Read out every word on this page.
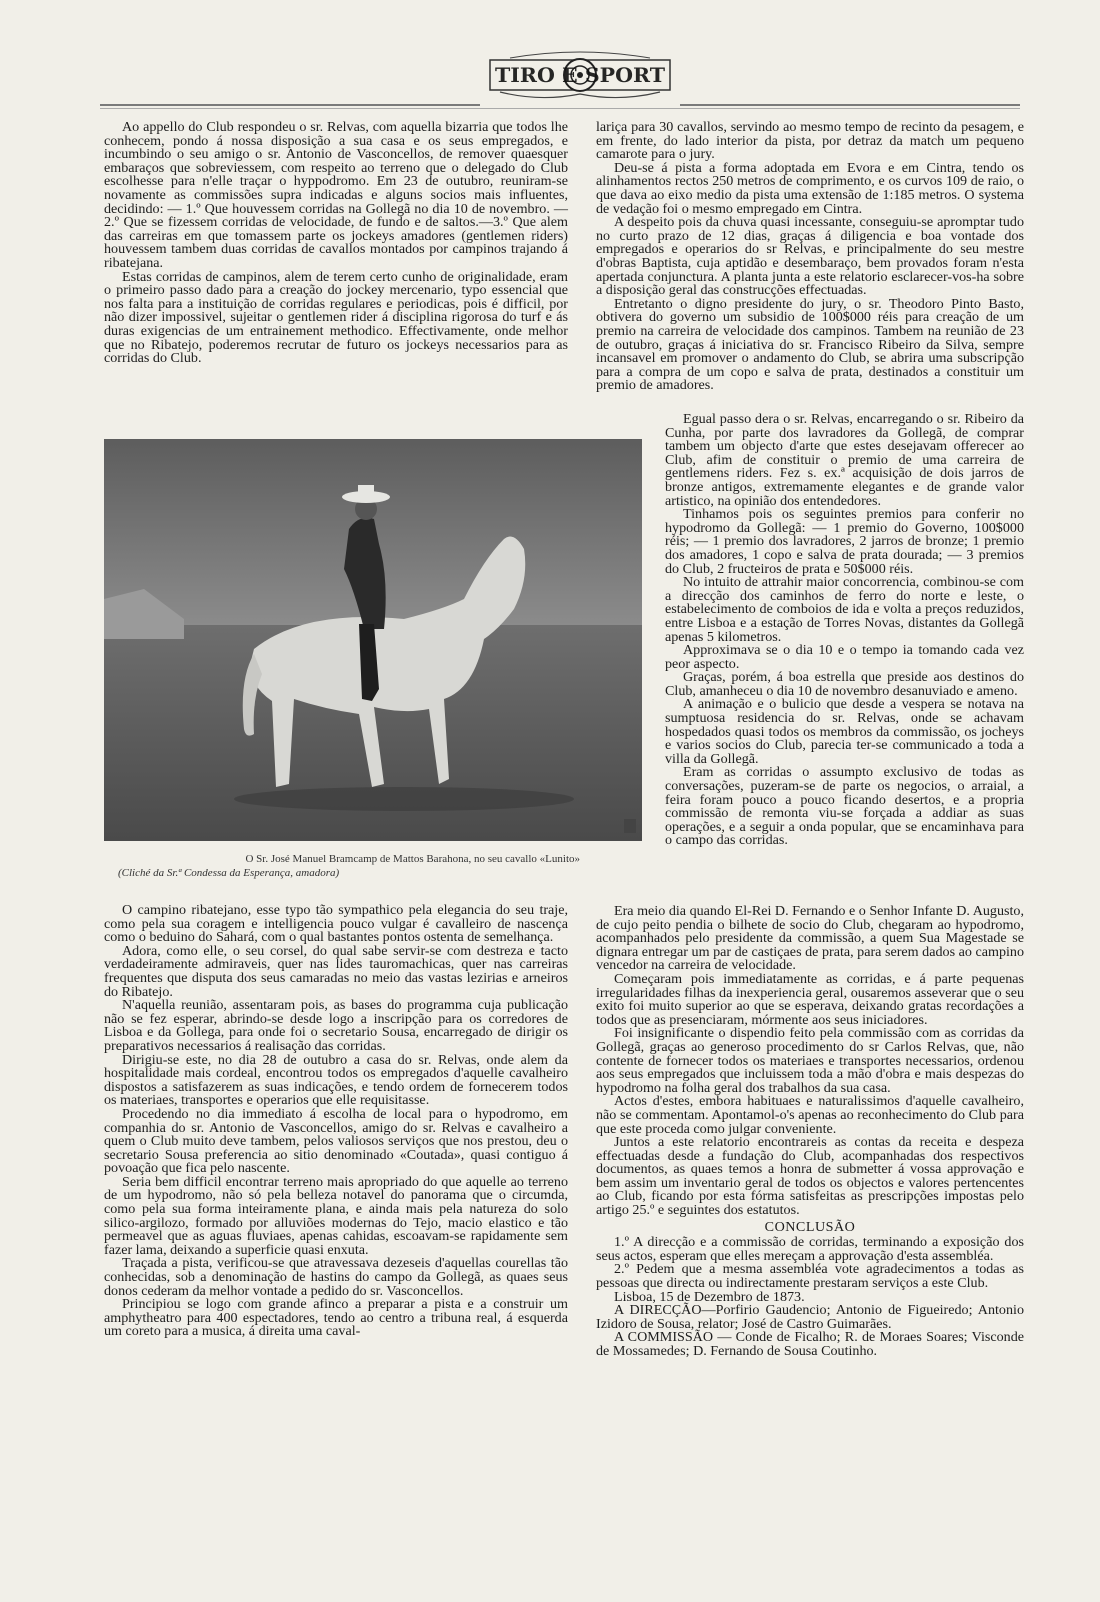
TIRO E SPORT

Ao appello do Club respondeu o sr. Relvas, com aquella bizarria que todos lhe conhecem, pondo á nossa disposição a sua casa e os seus empregados, e incumbindo o seu amigo o sr. Antonio de Vasconcellos, de remover quaesquer embaraços que sobreviessem, com respeito ao terreno que o delegado do Club escolhesse para n'elle traçar o hyppodromo. Em 23 de outubro, reuniram-se novamente as commissões supra indicadas e alguns socios mais influentes, decidindo: — 1.º Que houvessem corridas na Gollegã no dia 10 de novembro. — 2.º Que se fizessem corridas de velocidade, de fundo e de saltos.—3.º Que alem das carreiras em que tomassem parte os jockeys amadores (gentlemen riders) houvessem tambem duas corridas de cavallos montados por campinos trajando á ribatejana.

Estas corridas de campinos, alem de terem certo cunho de originalidade, eram o primeiro passo dado para a creação do jockey mercenario, typo essencial que nos falta para a instituição de corridas regulares e periodicas, pois é difficil, por não dizer impossivel, sujeitar o gentlemen rider á disciplina rigorosa do turf e ás duras exigencias de um entrainement methodico. Effectivamente, onde melhor que no Ribatejo, poderemos recrutar de futuro os jockeys necessarios para as corridas do Club.

O Sr. José Manuel Bramcamp de Mattos Barahona, no seu cavallo «Lunito»
(Cliché da Sr.ª Condessa da Esperança, amadora)

O campino ribatejano, esse typo tão sympathico pela elegancia do seu traje, como pela sua coragem e intelligencia pouco vulgar é cavalleiro de nascença como o beduino do Sahará, com o qual bastantes pontos ostenta de semelhança.

Adora, como elle, o seu corsel, do qual sabe servir-se com destreza e tacto verdadeiramente admiraveis, quer nas lides tauromachicas, quer nas carreiras frequentes que disputa dos seus camaradas no meio das vastas lezirias e arneiros do Ribatejo.

N'aquella reunião, assentaram pois, as bases do programma cuja publicação não se fez esperar, abrindo-se desde logo a inscripção para os corredores de Lisboa e da Gollega, para onde foi o secretario Sousa, encarregado de dirigir os preparativos necessarios á realisação das corridas.

Dirigiu-se este, no dia 28 de outubro a casa do sr. Relvas, onde alem da hospitalidade mais cordeal, encontrou todos os empregados d'aquelle cavalheiro dispostos a satisfazerem as suas indicações, e tendo ordem de fornecerem todos os materiaes, transportes e operarios que elle requisitasse.

Procedendo no dia immediato á escolha de local para o hypodromo, em companhia do sr. Antonio de Vasconcellos, amigo do sr. Relvas e cavalheiro a quem o Club muito deve tambem, pelos valiosos serviços que nos prestou, deu o secretario Sousa preferencia ao sitio denominado «Coutada», quasi contiguo á povoação que fica pelo nascente.

Seria bem difficil encontrar terreno mais apropriado do que aquelle ao terreno de um hypodromo, não só pela belleza notavel do panorama que o circumda, como pela sua forma inteiramente plana, e ainda mais pela natureza do solo silico-argilozo, formado por alluviões modernas do Tejo, macio elastico e tão permeavel que as aguas fluviaes, apenas cahidas, escoavam-se rapidamente sem fazer lama, deixando a superficie quasi enxuta.

Traçada a pista, verificou-se que atravessava dezeseis d'aquellas courellas tão conhecidas, sob a denominação de hastins do campo da Gollegã, as quaes seus donos cederam da melhor vontade a pedido do sr. Vasconcellos.

Principiou se logo com grande afinco a preparar a pista e a construir um amphytheatro para 400 espectadores, tendo ao centro a tribuna real, á esquerda um coreto para a musica, á direita uma caval-

lariça para 30 cavallos, servindo ao mesmo tempo de recinto da pesagem, e em frente, do lado interior da pista, por detraz da match um pequeno camarote para o jury.

Deu-se á pista a forma adoptada em Evora e em Cintra, tendo os alinhamentos rectos 250 metros de comprimento, e os curvos 109 de raio, o que dava ao eixo medio da pista uma extensão de 1:185 metros. O systema de vedação foi o mesmo empregado em Cintra.

A despeito pois da chuva quasi incessante, conseguiu-se apromptar tudo no curto prazo de 12 dias, graças á diligencia e boa vontade dos empregados e operarios do sr Relvas, e principalmente do seu mestre d'obras Baptista, cuja aptidão e desembaraço, bem provados foram n'esta apertada conjunctura. A planta junta a este relatorio esclarecer-vos-ha sobre a disposição geral das construcções effectuadas.

Entretanto o digno presidente do jury, o sr. Theodoro Pinto Basto, obtivera do governo um subsidio de 100$000 réis para creação de um premio na carreira de velocidade dos campinos. Tambem na reunião de 23 de outubro, graças á iniciativa do sr. Francisco Ribeiro da Silva, sempre incansavel em promover o andamento do Club, se abrira uma subscripção para a compra de um copo e salva de prata, destinados a constituir um premio de amadores.

Egual passo dera o sr. Relvas, encarregando o sr. Ribeiro da Cunha, por parte dos lavradores da Gollegã, de comprar tambem um objecto d'arte que estes desejavam offerecer ao Club, afim de constituir o premio de uma carreira de gentlemens riders. Fez s. ex.ª acquisição de dois jarros de bronze antigos, extremamente elegantes e de grande valor artistico, na opinião dos entendedores.

Tinhamos pois os seguintes premios para conferir no hypodromo da Gollegã: — 1 premio do Governo, 100$000 réis; — 1 premio dos lavradores, 2 jarros de bronze; 1 premio dos amadores, 1 copo e salva de prata dourada; — 3 premios do Club, 2 fructeiros de prata e 50$000 réis.

No intuito de attrahir maior concorrencia, combinou-se com a direcção dos caminhos de ferro do norte e leste, o estabelecimento de comboios de ida e volta a preços reduzidos, entre Lisboa e a estação de Torres Novas, distantes da Gollegã apenas 5 kilometros.

Approximava se o dia 10 e o tempo ia tomando cada vez peor aspecto.

Graças, porém, á boa estrella que preside aos destinos do Club, amanheceu o dia 10 de novembro desanuviado e ameno.

A animação e o bulicio que desde a vespera se notava na sumptuosa residencia do sr. Relvas, onde se achavam hospedados quasi todos os membros da commissão, os jocheys e varios socios do Club, parecia ter-se communicado a toda a villa da Gollegã.

Eram as corridas o assumpto exclusivo de todas as conversações, puzeram-se de parte os negocios, o arraial, a feira foram pouco a pouco ficando desertos, e a propria commissão de remonta viu-se forçada a addiar as suas operações, e a seguir a onda popular, que se encaminhava para o campo das corridas.

Era meio dia quando El-Rei D. Fernando e o Senhor Infante D. Augusto, de cujo peito pendia o bilhete de socio do Club, chegaram ao hypodromo, acompanhados pelo presidente da commissão, a quem Sua Magestade se dignara entregar um par de castiçaes de prata, para serem dados ao campino vencedor na carreira de velocidade.

Começaram pois immediatamente as corridas, e á parte pequenas irregularidades filhas da inexperiencia geral, ousaremos asseverar que o seu exito foi muito superior ao que se esperava, deixando gratas recordações a todos que as presenciaram, mórmente aos seus iniciadores.

Foi insignificante o dispendio feito pela commissão com as corridas da Gollegã, graças ao generoso procedimento do sr Carlos Relvas, que, não contente de fornecer todos os materiaes e transportes necessarios, ordenou aos seus empregados que incluissem toda a mão d'obra e mais despezas do hypodromo na folha geral dos trabalhos da sua casa.

Actos d'estes, embora habituaes e naturalissimos d'aquelle cavalheiro, não se commentam. Apontamol-o's apenas ao reconhecimento do Club para que este proceda como julgar conveniente.

Juntos a este relatorio encontrareis as contas da receita e despeza effectuadas desde a fundação do Club, acompanhadas dos respectivos documentos, as quaes temos a honra de submetter á vossa approvação e bem assim um inventario geral de todos os objectos e valores pertencentes ao Club, ficando por esta fórma satisfeitas as prescripções impostas pelo artigo 25.º e seguintes dos estatutos.

CONCLUSÃO

1.º A direcção e a commissão de corridas, terminando a exposição dos seus actos, esperam que elles mereçam a approvação d'esta assembléa.

2.º Pedem que a mesma assembléa vote agradecimentos a todas as pessoas que directa ou indirectamente prestaram serviços a este Club.

Lisboa, 15 de Dezembro de 1873.

A DIRECÇÃO—Porfirio Gaudencio; Antonio de Figueiredo; Antonio Izidoro de Sousa, relator; José de Castro Guimarães.

A COMMISSÃO — Conde de Ficalho; R. de Moraes Soares; Visconde de Mossamedes; D. Fernando de Sousa Coutinho.
